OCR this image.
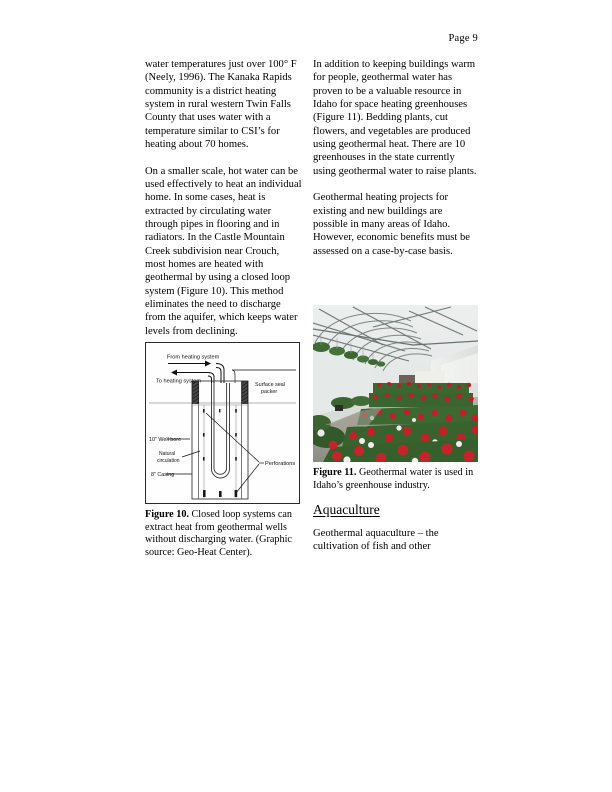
Page 9

water temperatures just over 100° F (Neely, 1996). The Kanaka Rapids community is a district heating system in rural western Twin Falls County that uses water with a temperature similar to CSI’s for heating about 70 homes.

On a smaller scale, hot water can be used effectively to heat an individual home. In some cases, heat is extracted by circulating water through pipes in flooring and in radiators. In the Castle Mountain Creek subdivision near Crouch, most homes are heated with geothermal by using a closed loop system (Figure 10). This method eliminates the need to discharge from the aquifer, which keeps water levels from declining.

In addition to keeping buildings warm for people, geothermal water has proven to be a valuable resource in Idaho for space heating greenhouses (Figure 11). Bedding plants, cut flowers, and vegetables are produced using geothermal heat. There are 10 greenhouses in the state currently using geothermal water to raise plants.

Geothermal heating projects for existing and new buildings are possible in many areas of Idaho. However, economic benefits must be assessed on a case-by-case basis.

From heating system
To heating system
Surface seal
packer
10" Well bore
Natural
circulation
8" Casing
Perforations
Figure 10. Closed loop systems can extract heat from geothermal wells without discharging water. (Graphic source: Geo-Heat Center).
Figure 11. Geothermal water is used in Idaho’s greenhouse industry.
Aquaculture
Geothermal aquaculture – the cultivation of fish and other
